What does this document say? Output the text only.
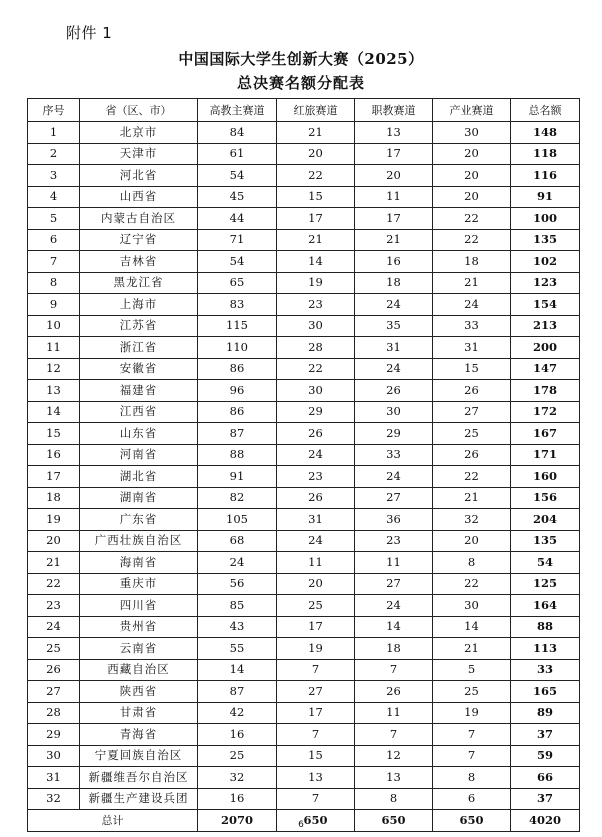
附件 1
中国国际大学生创新大赛（2025）
总决赛名额分配表
序号	省（区、市）	高教主赛道	红旅赛道	职教赛道	产业赛道	总名额
1	北京市	84	21	13	30	148
2	天津市	61	20	17	20	118
3	河北省	54	22	20	20	116
4	山西省	45	15	11	20	91
5	内蒙古自治区	44	17	17	22	100
6	辽宁省	71	21	21	22	135
7	吉林省	54	14	16	18	102
8	黑龙江省	65	19	18	21	123
9	上海市	83	23	24	24	154
10	江苏省	115	30	35	33	213
11	浙江省	110	28	31	31	200
12	安徽省	86	22	24	15	147
13	福建省	96	30	26	26	178
14	江西省	86	29	30	27	172
15	山东省	87	26	29	25	167
16	河南省	88	24	33	26	171
17	湖北省	91	23	24	22	160
18	湖南省	82	26	27	21	156
19	广东省	105	31	36	32	204
20	广西壮族自治区	68	24	23	20	135
21	海南省	24	11	11	8	54
22	重庆市	56	20	27	22	125
23	四川省	85	25	24	30	164
24	贵州省	43	17	14	14	88
25	云南省	55	19	18	21	113
26	西藏自治区	14	7	7	5	33
27	陕西省	87	27	26	25	165
28	甘肃省	42	17	11	19	89
29	青海省	16	7	7	7	37
30	宁夏回族自治区	25	15	12	7	59
31	新疆维吾尔自治区	32	13	13	8	66
32	新疆生产建设兵团	16	7	8	6	37
总计		2070	650	650	650	4020
6
